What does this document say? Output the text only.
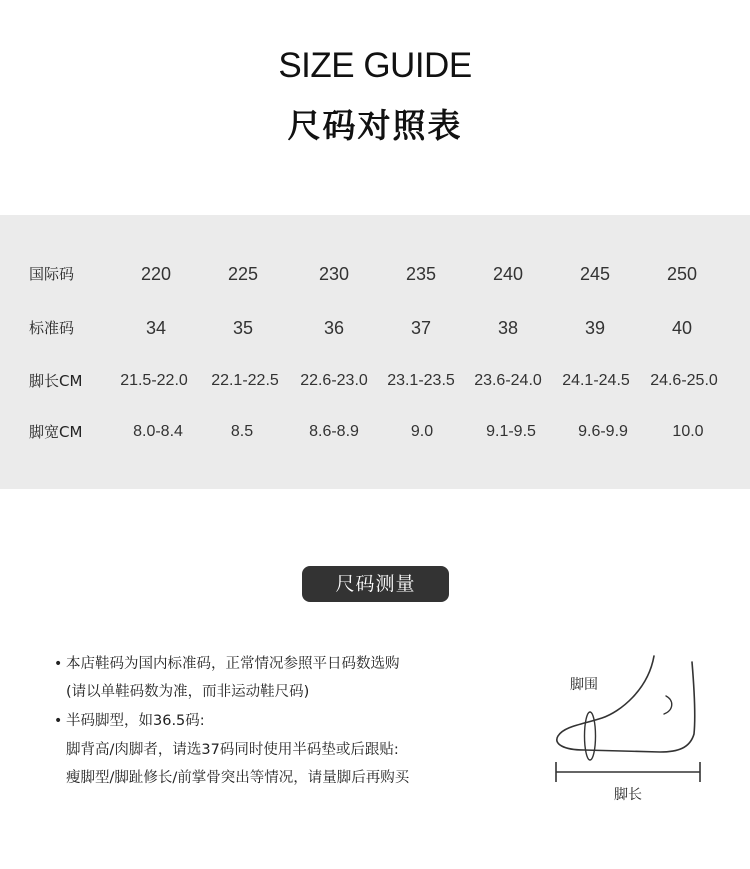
SIZE GUIDE
尺码对照表
国际码	220	225	230	235	240	245	250
标准码	34	35	36	37	38	39	40
脚长CM	21.5-22.0	22.1-22.5	22.6-23.0	23.1-23.5	23.6-24.0	24.1-24.5	24.6-25.0
脚宽CM	8.0-8.4	8.5	8.6-8.9	9.0	9.1-9.5	9.6-9.9	10.0
尺码测量
• 本店鞋码为国内标准码，正常情况参照平日码数选购
(请以单鞋码数为准，而非运动鞋尺码)
• 半码脚型，如36.5码:
脚背高/肉脚者，请选37码同时使用半码垫或后跟贴:
瘦脚型/脚趾修长/前掌骨突出等情况，请量脚后再购买
脚围
脚长
